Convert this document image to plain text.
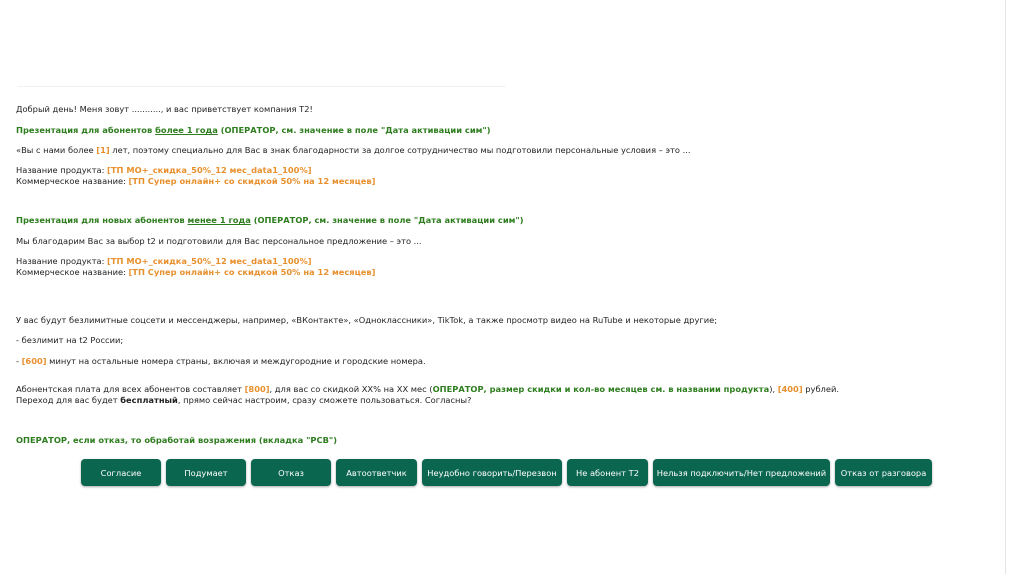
Добрый день! Меня зовут ..........., и вас приветствует компания Т2!
Презентация для абонентов более 1 года (ОПЕРАТОР, см. значение в поле "Дата активации сим")
«Вы с нами более [1] лет, поэтому специально для Вас в знак благодарности за долгое сотрудничество мы подготовили персональные условия – это ...
Название продукта: [ТП МО+_скидка_50%_12 мес_data1_100%]
Коммерческое название: [ТП Супер онлайн+ со скидкой 50% на 12 месяцев]
Презентация для новых абонентов менее 1 года (ОПЕРАТОР, см. значение в поле "Дата активации сим")
Мы благодарим Вас за выбор t2 и подготовили для Вас персональное предложение – это ...
Название продукта: [ТП МО+_скидка_50%_12 мес_data1_100%]
Коммерческое название: [ТП Супер онлайн+ со скидкой 50% на 12 месяцев]
У вас будут безлимитные соцсети и мессенджеры, например, «ВКонтакте», «Одноклассники», TikTok, а также просмотр видео на RuTube и некоторые другие;
- безлимит на t2 России;
- [600] минут на остальные номера страны, включая и междугородние и городские номера.
Абонентская плата для всех абонентов составляет [800], для вас со скидкой XX% на XX мес (ОПЕРАТОР, размер скидки и кол-во месяцев см. в названии продукта), [400] рублей.
Переход для вас будет бесплатный, прямо сейчас настроим, сразу сможете пользоваться. Согласны?
ОПЕРАТОР, если отказ, то обработай возражения (вкладка "РСВ")
Согласие	Подумает	Отказ	Автоответчик	Неудобно говорить/Перезвон	Не абонент Т2	Нельзя подключить/Нет предложений	Отказ от разговора
